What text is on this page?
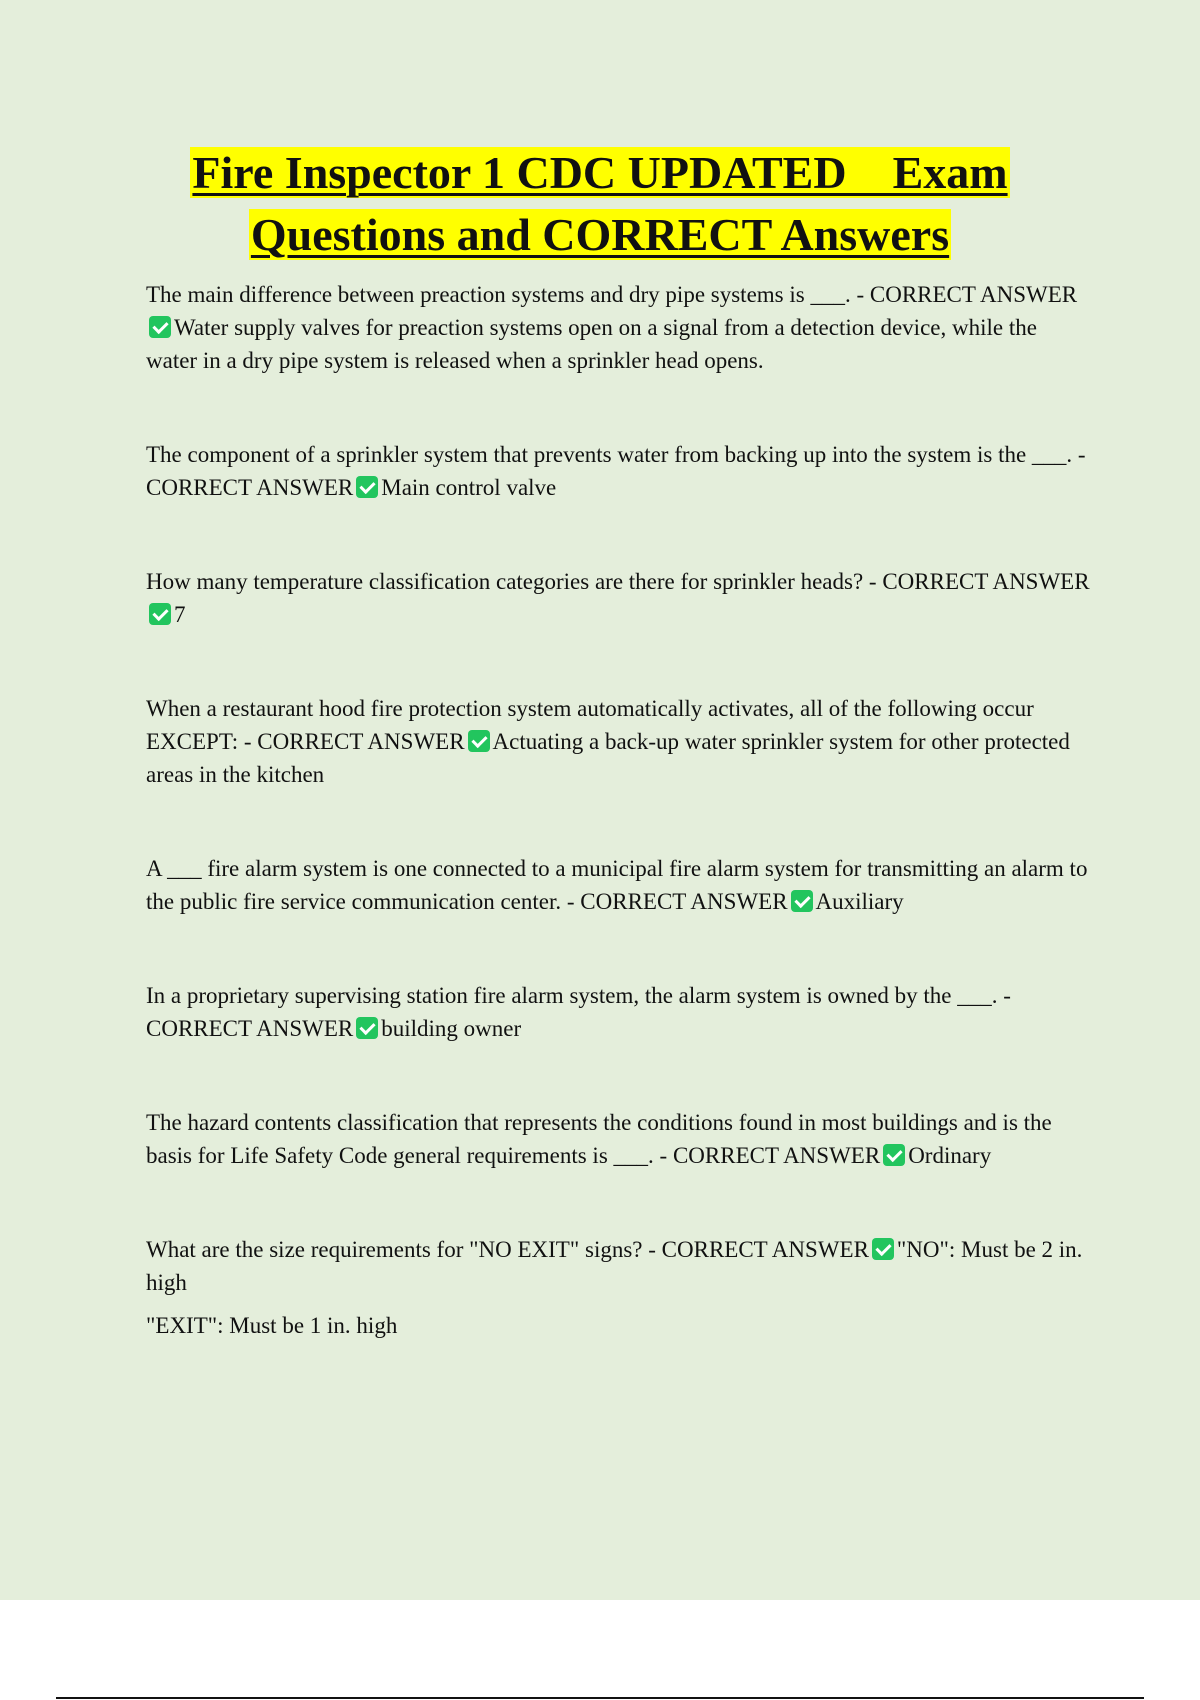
Fire Inspector 1 CDC UPDATED    Exam
Questions and CORRECT Answers

The main difference between preaction systems and dry pipe systems is ___. - CORRECT ANSWERWater supply valves for preaction systems open on a signal from a detection device, while the water in a dry pipe system is released when a sprinkler head opens.

The component of a sprinkler system that prevents water from backing up into the system is the ___. - CORRECT ANSWER Main control valve

How many temperature classification categories are there for sprinkler heads? - CORRECT ANSWER7

When a restaurant hood fire protection system automatically activates, all of the following occur EXCEPT: - CORRECT ANSWER Actuating a back-up water sprinkler system for other protected areas in the kitchen

A ___ fire alarm system is one connected to a municipal fire alarm system for transmitting an alarm to the public fire service communication center. - CORRECT ANSWER Auxiliary

In a proprietary supervising station fire alarm system, the alarm system is owned by the ___. - CORRECT ANSWER building owner

The hazard contents classification that represents the conditions found in most buildings and is the basis for Life Safety Code general requirements is ___. - CORRECT ANSWER Ordinary

What are the size requirements for "NO EXIT" signs? - CORRECT ANSWER "NO": Must be 2 in. high
"EXIT": Must be 1 in. high
